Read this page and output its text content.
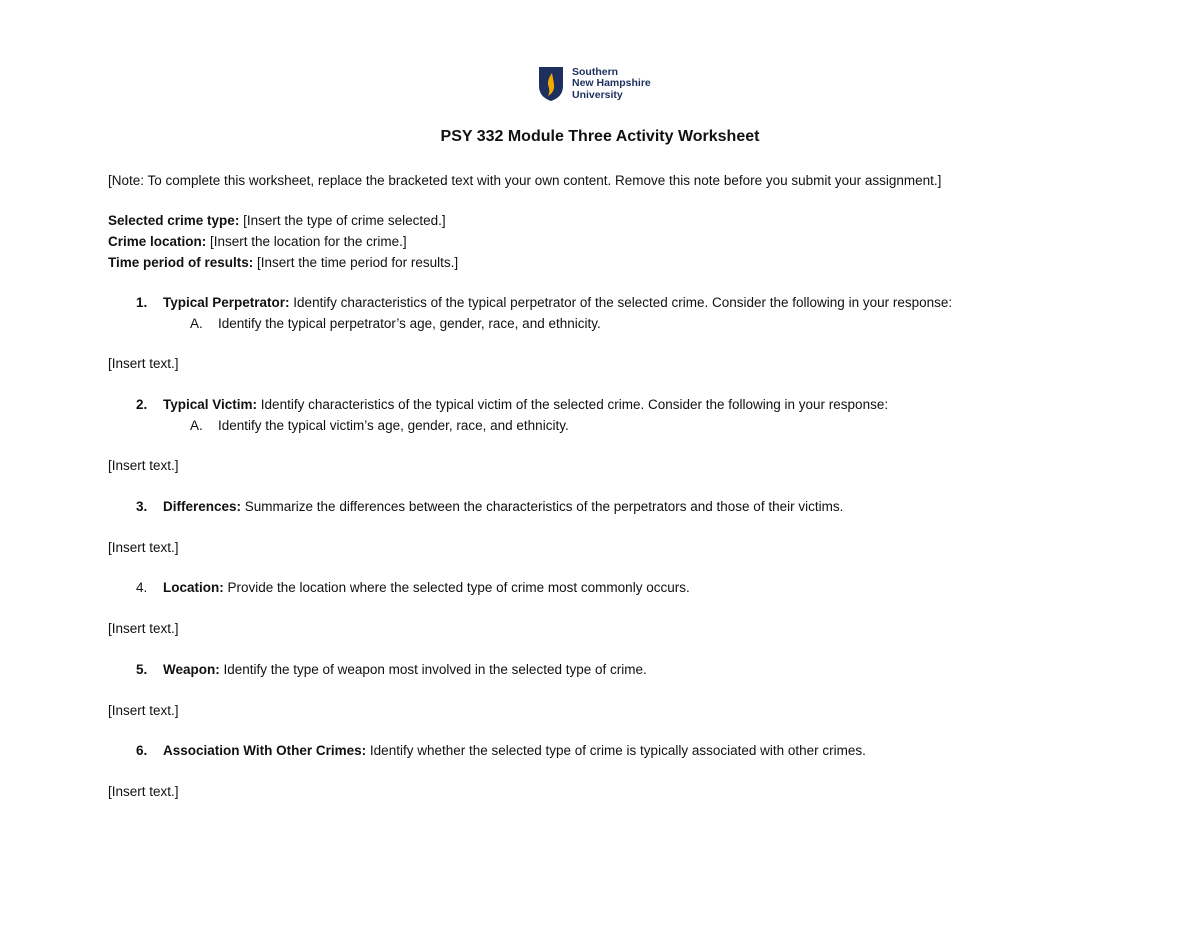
Southern
New Hampshire
University
PSY 332 Module Three Activity Worksheet
[Note: To complete this worksheet, replace the bracketed text with your own content. Remove this note before you submit your assignment.]
Selected crime type: [Insert the type of crime selected.]
Crime location: [Insert the location for the crime.]
Time period of results: [Insert the time period for results.]
1. Typical Perpetrator: Identify characteristics of the typical perpetrator of the selected crime. Consider the following in your response:
A. Identify the typical perpetrator’s age, gender, race, and ethnicity.
[Insert text.]
2. Typical Victim: Identify characteristics of the typical victim of the selected crime. Consider the following in your response:
A. Identify the typical victim’s age, gender, race, and ethnicity.
[Insert text.]
3. Differences: Summarize the differences between the characteristics of the perpetrators and those of their victims.
[Insert text.]
4. Location: Provide the location where the selected type of crime most commonly occurs.
[Insert text.]
5. Weapon: Identify the type of weapon most involved in the selected type of crime.
[Insert text.]
6. Association With Other Crimes: Identify whether the selected type of crime is typically associated with other crimes.
[Insert text.]
